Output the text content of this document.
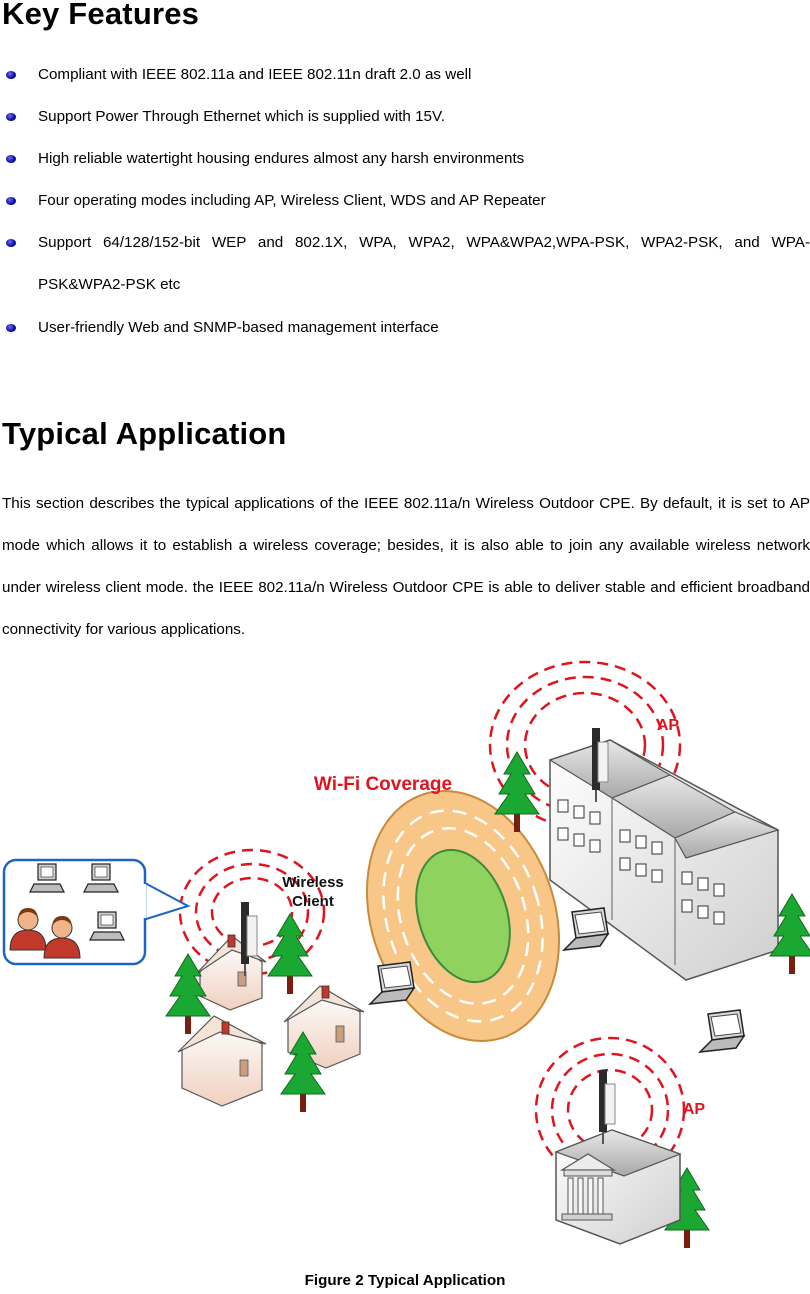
Key Features
Compliant with IEEE 802.11a and IEEE 802.11n draft 2.0 as well
Support Power Through Ethernet which is supplied with 15V.
High reliable watertight housing endures almost any harsh environments
Four operating modes including AP, Wireless Client, WDS and AP Repeater
Support 64/128/152-bit WEP and 802.1X, WPA, WPA2, WPA&WPA2,WPA-PSK, WPA2-PSK, and WPA-PSK&WPA2-PSK etc
User-friendly Web and SNMP-based management interface
Typical Application
This section describes the typical applications of the IEEE 802.11a/n Wireless Outdoor CPE. By default, it is set to AP mode which allows it to establish a wireless coverage; besides, it is also able to join any available wireless network under wireless client mode. the IEEE 802.11a/n Wireless Outdoor CPE is able to deliver stable and efficient broadband connectivity for various applications.
Wi-Fi Coverage
AP
Wireless
Client
AP
Figure 2 Typical Application
